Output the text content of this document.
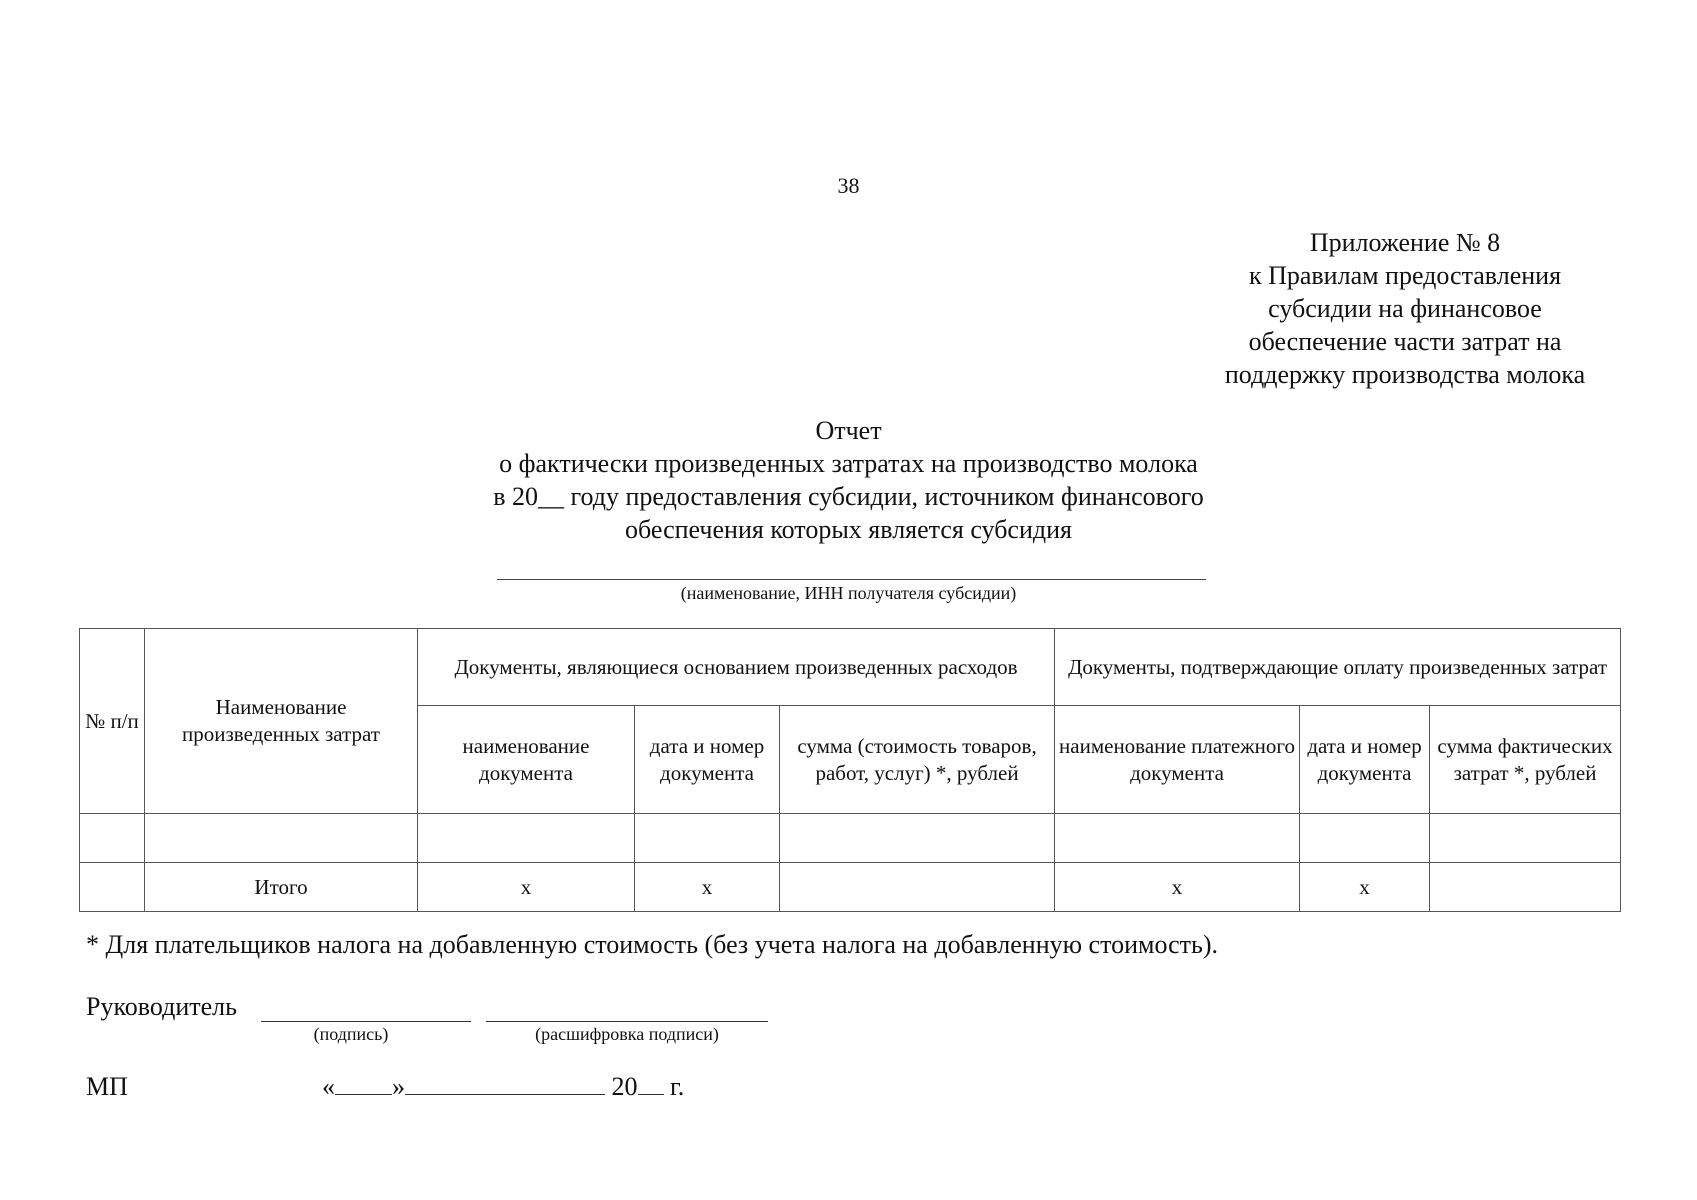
38
Приложение № 8
к Правилам предоставления
субсидии на финансовое
обеспечение части затрат на
поддержку производства молока
Отчет
о фактически произведенных затратах на производство молока
в 20__ году предоставления субсидии, источником финансового
обеспечения которых является субсидия
(наименование, ИНН получателя субсидии)
№ п/п	Наименование произведенных затрат	Документы, являющиеся основанием произведенных расходов			Документы, подтверждающие оплату произведенных затрат		
		наименование документа	дата и номер документа	сумма (стоимость товаров, работ, услуг) *, рублей	наименование платежного документа	дата и номер документа	сумма фактических затрат *, рублей

	Итого	х	х		х	х	
* Для плательщиков налога на добавленную стоимость (без учета налога на добавленную стоимость).
Руководитель
(подпись)	(расшифровка подписи)
МП	« »	20 г.
